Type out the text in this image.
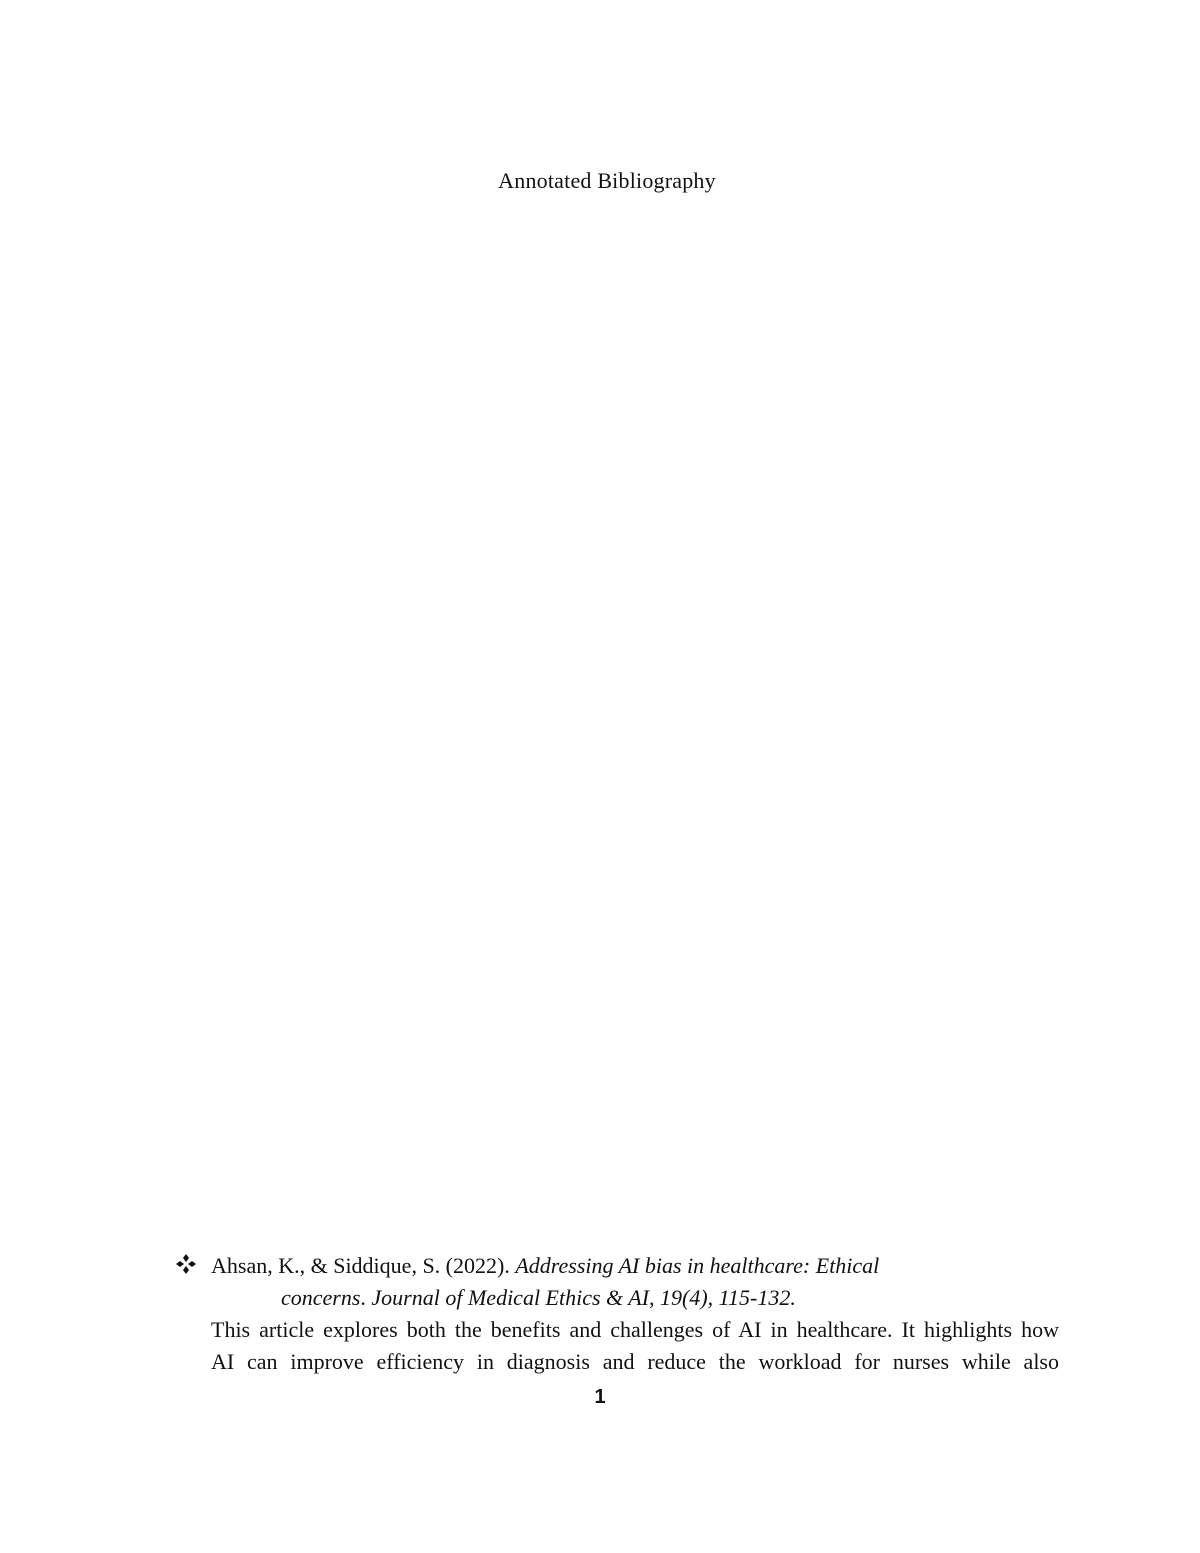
Annotated Bibliography
Ahsan, K., & Siddique, S. (2022). Addressing AI bias in healthcare: Ethical
concerns. Journal of Medical Ethics & AI, 19(4), 115-132.
This article explores both the benefits and challenges of AI in healthcare. It highlights how
AI can improve efficiency in diagnosis and reduce the workload for nurses while also
1
